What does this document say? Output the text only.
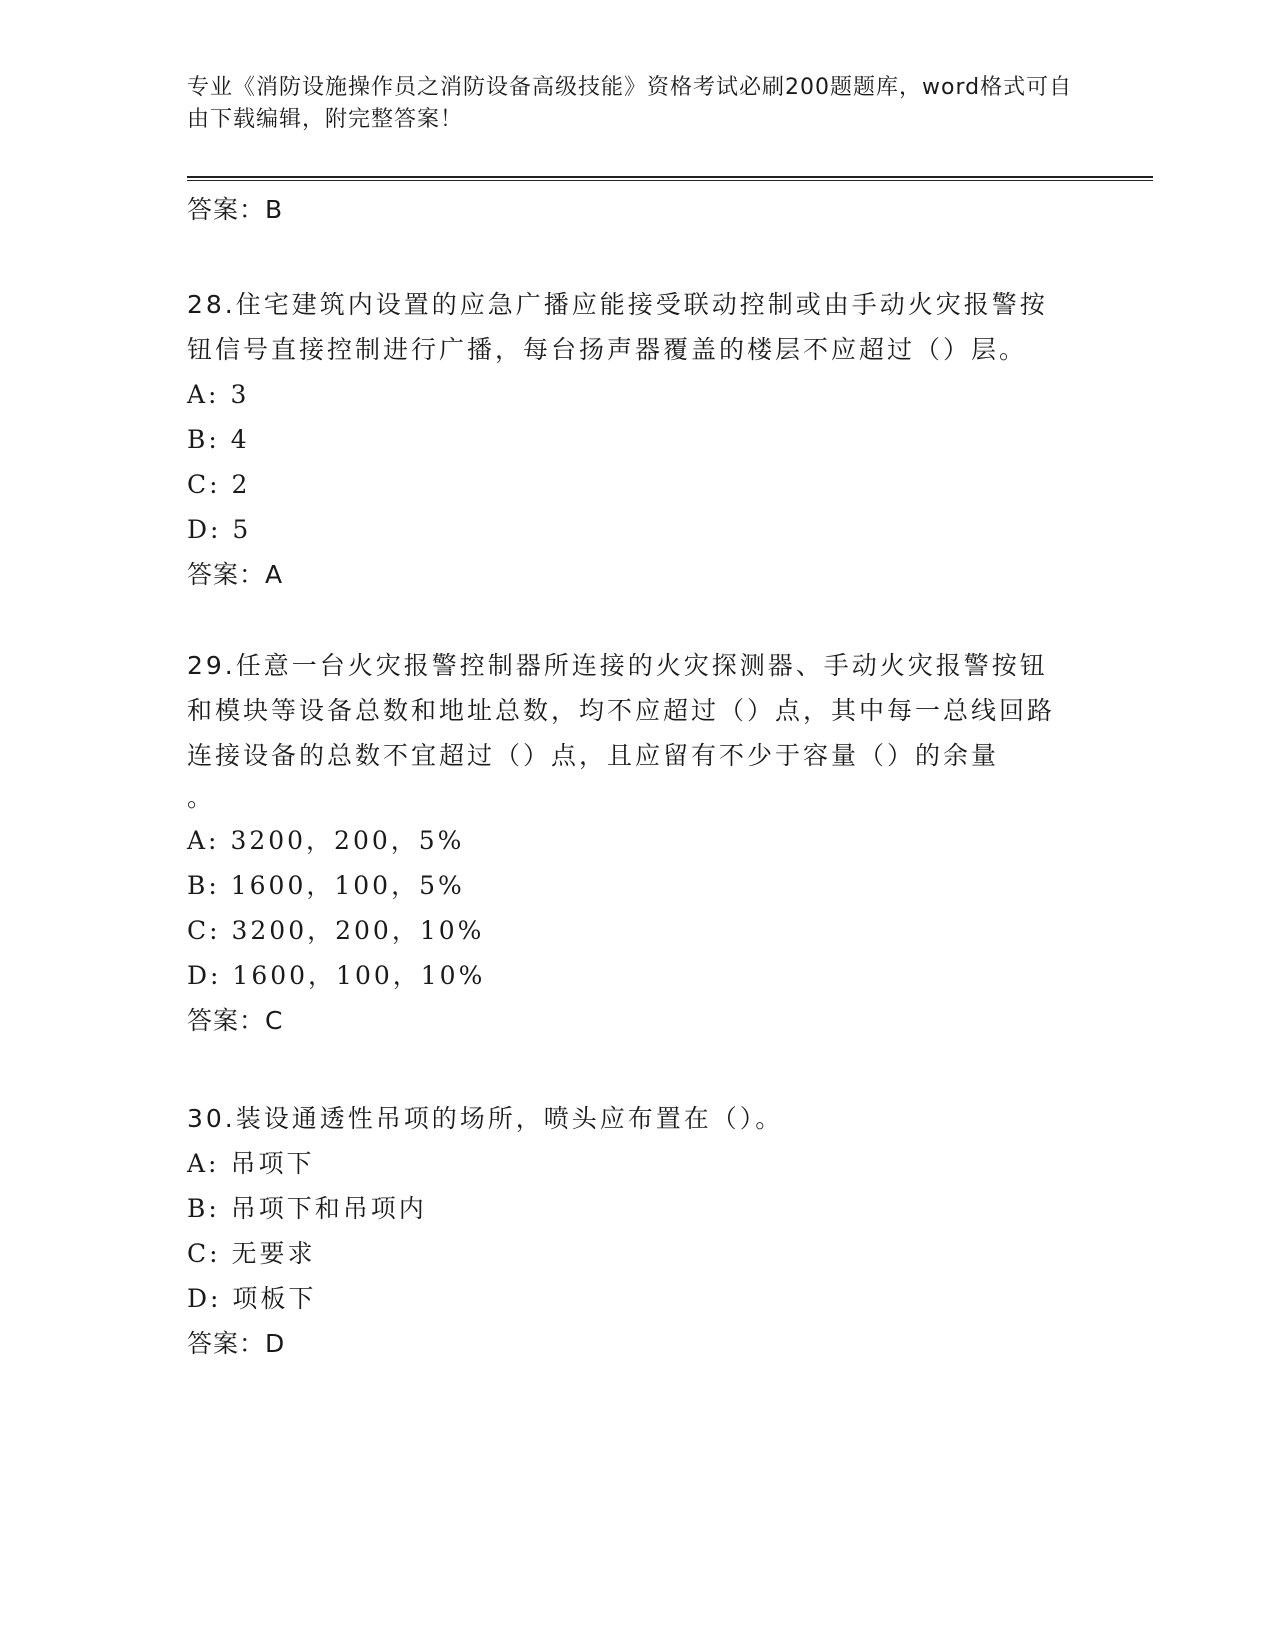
专业《消防设施操作员之消防设备高级技能》资格考试必刷200题题库，word格式可自由下载编辑，附完整答案！
答案：B

28.住宅建筑内设置的应急广播应能接受联动控制或由手动火灾报警按钮信号直接控制进行广播，每台扬声器覆盖的楼层不应超过（）层。

A: 3
B: 4
C: 2
D: 5
答案：A

29.任意一台火灾报警控制器所连接的火灾探测器、手动火灾报警按钮和模块等设备总数和地址总数，均不应超过（）点，其中每一总线回路连接设备的总数不宜超过（）点，且应留有不少于容量（）的余量

。

A: 3200，200，5%
B: 1600，100，5%
C: 3200，200，10%
D: 1600，100，10%
答案：C

30.装设通透性吊项的场所，喷头应布置在（）。

A: 吊项下
B: 吊项下和吊项内
C: 无要求
D: 项板下
答案：D
